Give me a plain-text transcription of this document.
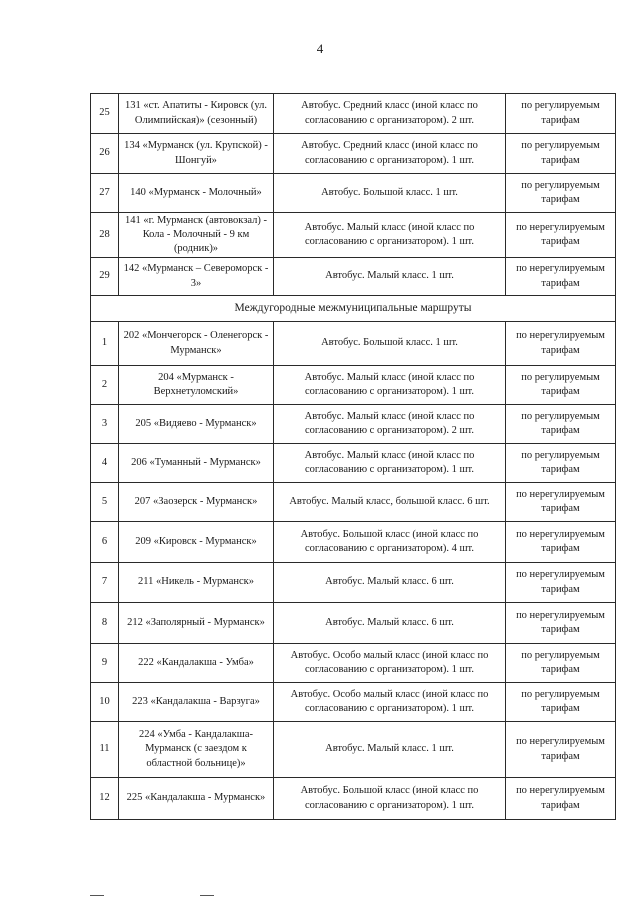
4
25	131 «ст. Апатиты - Кировск (ул. Олимпийская)» (сезонный)	Автобус. Средний класс (иной класс по согласованию с организатором). 2 шт.	по регулируемым тарифам
26	134 «Мурманск (ул. Крупской) - Шонгуй»	Автобус. Средний класс (иной класс по согласованию с организатором). 1 шт.	по регулируемым тарифам
27	140 «Мурманск - Молочный»	Автобус. Большой класс. 1 шт.	по регулируемым тарифам
28	141 «г. Мурманск (автовокзал) - Кола - Молочный - 9 км (родник)»	Автобус. Малый класс (иной класс по согласованию с организатором). 1 шт.	по нерегулируемым тарифам
29	142 «Мурманск – Североморск - 3»	Автобус. Малый класс. 1 шт.	по нерегулируемым тарифам
Междугородные межмуниципальные маршруты			
1	202 «Мончегорск - Оленегорск - Мурманск»	Автобус. Большой класс. 1 шт.	по нерегулируемым тарифам
2	204 «Мурманск - Верхнетуломский»	Автобус. Малый класс (иной класс по согласованию с организатором). 1 шт.	по регулируемым тарифам
3	205 «Видяево - Мурманск»	Автобус. Малый класс (иной класс по согласованию с организатором). 2 шт.	по регулируемым тарифам
4	206 «Туманный - Мурманск»	Автобус. Малый класс (иной класс по согласованию с организатором). 1 шт.	по регулируемым тарифам
5	207 «Заозерск - Мурманск»	Автобус. Малый класс, большой класс. 6 шт.	по нерегулируемым тарифам
6	209 «Кировск - Мурманск»	Автобус. Большой класс (иной класс по согласованию с организатором). 4 шт.	по нерегулируемым тарифам
7	211 «Никель - Мурманск»	Автобус. Малый класс. 6 шт.	по нерегулируемым тарифам
8	212 «Заполярный - Мурманск»	Автобус. Малый класс. 6 шт.	по нерегулируемым тарифам
9	222 «Кандалакша - Умба»	Автобус. Особо малый класс (иной класс по согласованию с организатором). 1 шт.	по регулируемым тарифам
10	223 «Кандалакша - Варзуга»	Автобус. Особо малый класс (иной класс по согласованию с организатором). 1 шт.	по регулируемым тарифам
11	224 «Умба - Кандалакша- Мурманск (с заездом к областной больнице)»	Автобус. Малый класс. 1 шт.	по нерегулируемым тарифам
12	225 «Кандалакша - Мурманск»	Автобус. Большой класс (иной класс по согласованию с организатором). 1 шт.	по нерегулируемым тарифам
